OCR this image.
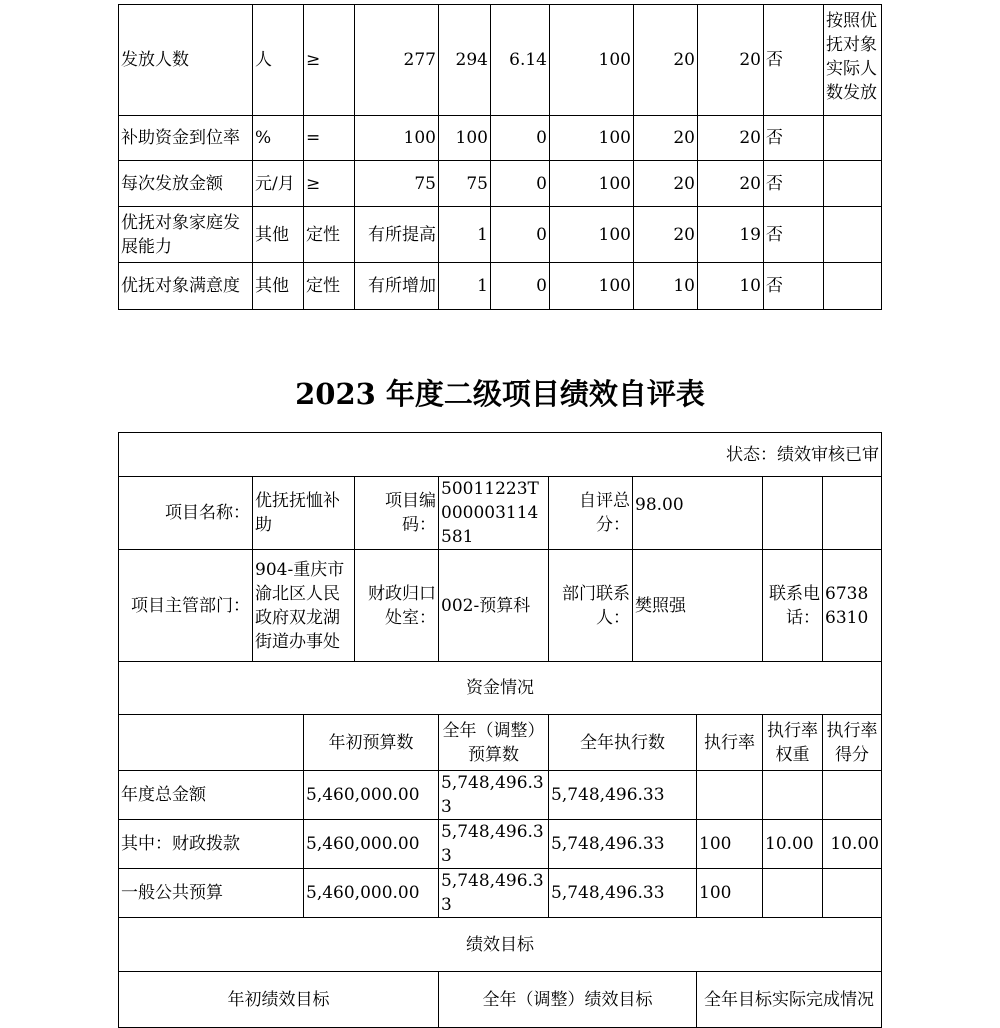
发放人数	人	≥	277	294	6.14	100	20	20	否	按照优抚对象实际人数发放
补助资金到位率	%	=	100	100	0	100	20	20	否	
每次发放金额	元/月	≥	75	75	0	100	20	20	否	
优抚对象家庭发展能力	其他	定性	有所提高	1	0	100	20	19	否	
优抚对象满意度	其他	定性	有所增加	1	0	100	10	10	否	
2023 年度二级项目绩效自评表
状态：绩效审核已审									
项目名称：	优抚抚恤补助		项目编码：	50011223T000003114581	自评总分：	98.00			
项目主管部门：	904-重庆市渝北区人民政府双龙湖街道办事处		财政归口处室：	002-预算科	部门联系人：	樊照强		联系电话：	67386310
资金情况									
		年初预算数		全年（调整）预算数	全年执行数		执行率	执行率权重	执行率得分
年度总金额		5,460,000.00		5,748,496.33	5,748,496.33				
其中：财政拨款		5,460,000.00		5,748,496.33	5,748,496.33		100	10.00	10.00
一般公共预算		5,460,000.00		5,748,496.33	5,748,496.33		100		
绩效目标									
年初绩效目标				全年（调整）绩效目标			全年目标实际完成情况		
